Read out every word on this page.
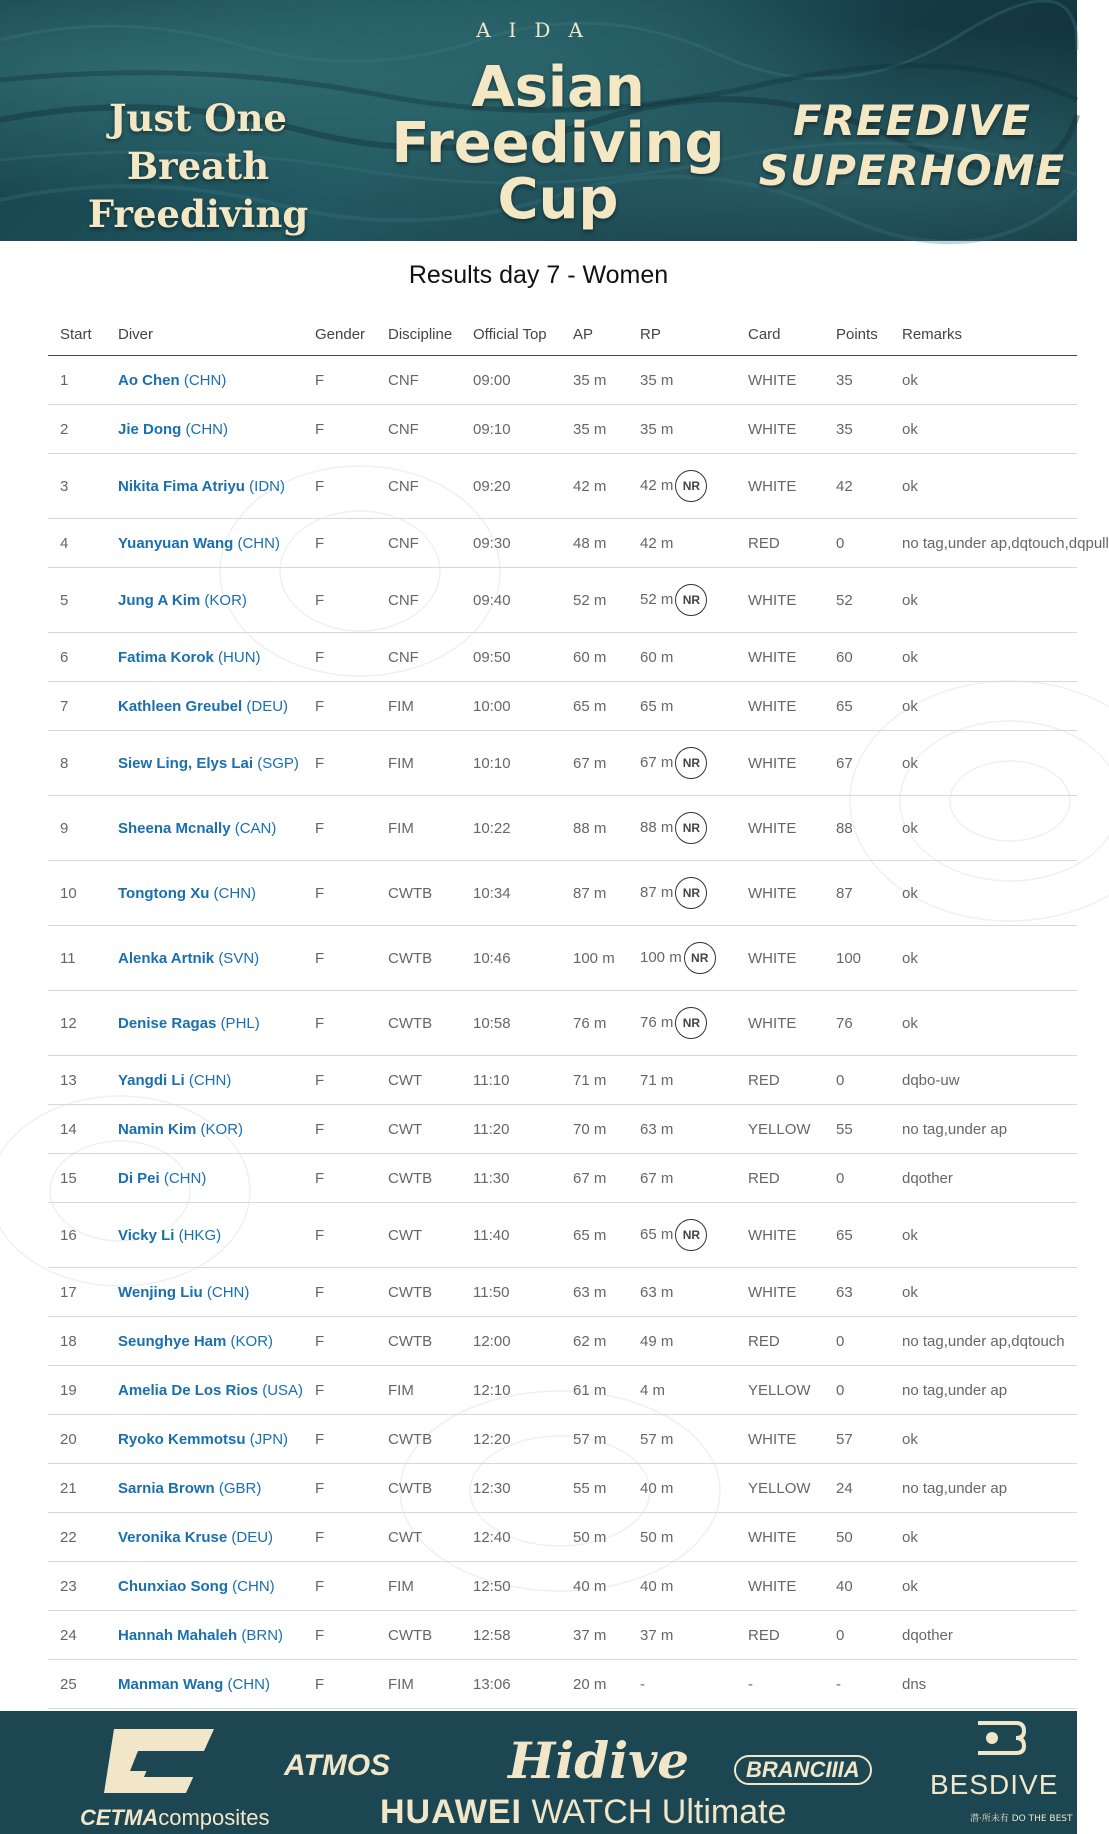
AIDA
Asian
Freediving
Cup
Just One Breath
Freediving
FREEDIVE
SUPERHOME
Results day 7 - Women
Start	Diver	Gender	Discipline	Official Top	AP	RP	Card	Points	Remarks
1	Ao Chen (CHN)	F	CNF	09:00	35 m	35 m	WHITE	35	ok
2	Jie Dong (CHN)	F	CNF	09:10	35 m	35 m	WHITE	35	ok
3	Nikita Fima Atriyu (IDN)	F	CNF	09:20	42 m	42 m NR	WHITE	42	ok
4	Yuanyuan Wang (CHN)	F	CNF	09:30	48 m	42 m	RED	0	no tag,under ap,dqtouch,dqpull
5	Jung A Kim (KOR)	F	CNF	09:40	52 m	52 m NR	WHITE	52	ok
6	Fatima Korok (HUN)	F	CNF	09:50	60 m	60 m	WHITE	60	ok
7	Kathleen Greubel (DEU)	F	FIM	10:00	65 m	65 m	WHITE	65	ok
8	Siew Ling, Elys Lai (SGP)	F	FIM	10:10	67 m	67 m NR	WHITE	67	ok
9	Sheena Mcnally (CAN)	F	FIM	10:22	88 m	88 m NR	WHITE	88	ok
10	Tongtong Xu (CHN)	F	CWTB	10:34	87 m	87 m NR	WHITE	87	ok
11	Alenka Artnik (SVN)	F	CWTB	10:46	100 m	100 m NR	WHITE	100	ok
12	Denise Ragas (PHL)	F	CWTB	10:58	76 m	76 m NR	WHITE	76	ok
13	Yangdi Li (CHN)	F	CWT	11:10	71 m	71 m	RED	0	dqbo-uw
14	Namin Kim (KOR)	F	CWT	11:20	70 m	63 m	YELLOW	55	no tag,under ap
15	Di Pei (CHN)	F	CWTB	11:30	67 m	67 m	RED	0	dqother
16	Vicky Li (HKG)	F	CWT	11:40	65 m	65 m NR	WHITE	65	ok
17	Wenjing Liu (CHN)	F	CWTB	11:50	63 m	63 m	WHITE	63	ok
18	Seunghye Ham (KOR)	F	CWTB	12:00	62 m	49 m	RED	0	no tag,under ap,dqtouch
19	Amelia De Los Rios (USA)	F	FIM	12:10	61 m	4 m	YELLOW	0	no tag,under ap
20	Ryoko Kemmotsu (JPN)	F	CWTB	12:20	57 m	57 m	WHITE	57	ok
21	Sarnia Brown (GBR)	F	CWTB	12:30	55 m	40 m	YELLOW	24	no tag,under ap
22	Veronika Kruse (DEU)	F	CWT	12:40	50 m	50 m	WHITE	50	ok
23	Chunxiao Song (CHN)	F	FIM	12:50	40 m	40 m	WHITE	40	ok
24	Hannah Mahaleh (BRN)	F	CWTB	12:58	37 m	37 m	RED	0	dqother
25	Manman Wang (CHN)	F	FIM	13:06	20 m	-	-	-	dns
CETMAcomposites
ATMOS Hidive	BRANCIIIA	BESDIVE
潜·所未有 DO THE BEST
HUAWEI WATCH Ultimate
